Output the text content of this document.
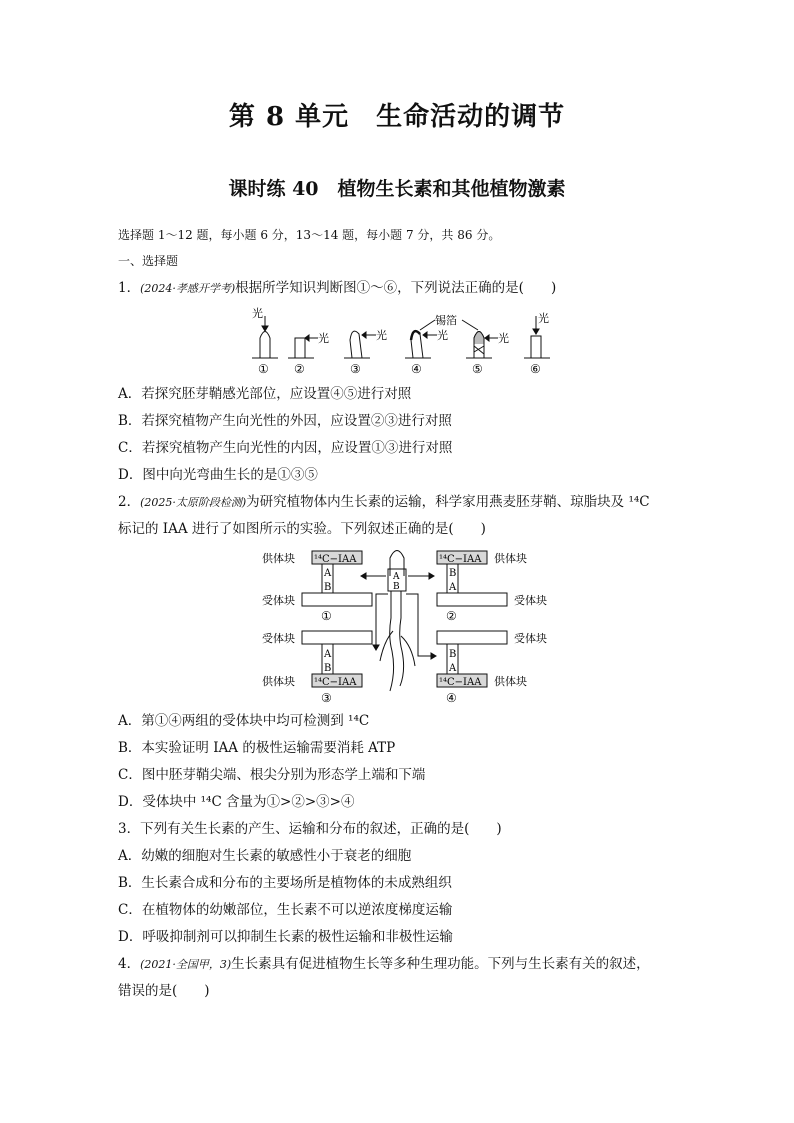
第 8 单元　生命活动的调节
课时练 40　植物生长素和其他植物激素
选择题 1～12 题，每小题 6 分，13～14 题，每小题 7 分，共 86 分。
一、选择题
1．(2024·孝感开学考)根据所学知识判断图①～⑥，下列说法正确的是(　　)
光
光	光	光	光
光
锡箔
① ②	③	④	⑤	⑥
A．若探究胚芽鞘感光部位，应设置④⑤进行对照
B．若探究植物产生向光性的外因，应设置②③进行对照
C．若探究植物产生向光性的内因，应设置①③进行对照
D．图中向光弯曲生长的是①③⑤
2．(2025·太原阶段检测)为研究植物体内生长素的运输，科学家用燕麦胚芽鞘、琼脂块及 ¹⁴C
标记的 IAA 进行了如图所示的实验。下列叙述正确的是(　　)
¹⁴C−IAA	¹⁴C−IAA
¹⁴C−IAA	¹⁴C−IAA
供体块	供体块
供体块	供体块
受体块	受体块
受体块	受体块
A
B
B
A
A
B
B
A
A
B
①	②
③	④
A．第①④两组的受体块中均可检测到 ¹⁴C
B．本实验证明 IAA 的极性运输需要消耗 ATP
C．图中胚芽鞘尖端、根尖分别为形态学上端和下端
D．受体块中 ¹⁴C 含量为①>②>③>④
3．下列有关生长素的产生、运输和分布的叙述，正确的是(　　)
A．幼嫩的细胞对生长素的敏感性小于衰老的细胞
B．生长素合成和分布的主要场所是植物体的未成熟组织
C．在植物体的幼嫩部位，生长素不可以逆浓度梯度运输
D．呼吸抑制剂可以抑制生长素的极性运输和非极性运输
4．(2021·全国甲，3)生长素具有促进植物生长等多种生理功能。下列与生长素有关的叙述，
错误的是(　　)
